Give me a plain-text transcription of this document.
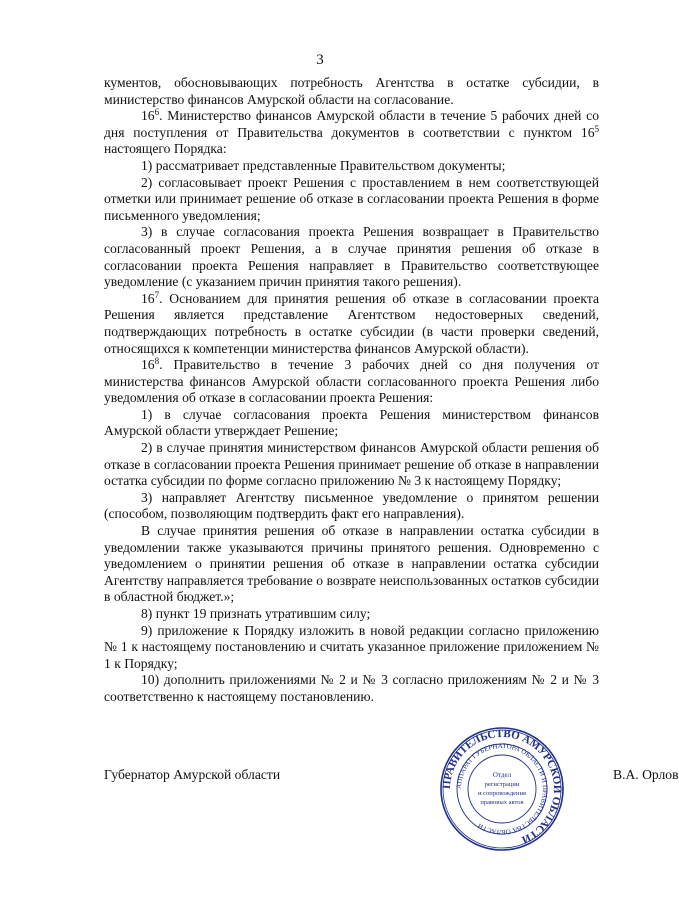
3

кументов, обосновывающих потребность Агентства в остатке субсидии, в министерство финансов Амурской области на согласование.

$16^6$. Министерство финансов Амурской области в течение 5 рабочих дней со дня поступления от Правительства документов в соответствии с пунктом $16^5$ настоящего Порядка:

1) рассматривает представленные Правительством документы;

2) согласовывает проект Решения с проставлением в нем соответствующей отметки или принимает решение об отказе в согласовании проекта Решения в форме письменного уведомления;

3) в случае согласования проекта Решения возвращает в Правительство согласованный проект Решения, а в случае принятия решения об отказе в согласовании проекта Решения направляет в Правительство соответствующее уведомление (с указанием причин принятия такого решения).

$16^7$. Основанием для принятия решения об отказе в согласовании проекта Решения является представление Агентством недостоверных сведений, подтверждающих потребность в остатке субсидии (в части проверки сведений, относящихся к компетенции министерства финансов Амурской области).

$16^8$. Правительство в течение 3 рабочих дней со дня получения от министерства финансов Амурской области согласованного проекта Решения либо уведомления об отказе в согласовании проекта Решения:

1) в случае согласования проекта Решения министерством финансов Амурской области утверждает Решение;

2) в случае принятия министерством финансов Амурской области решения об отказе в согласовании проекта Решения принимает решение об отказе в направлении остатка субсидии по форме согласно приложению № 3 к настоящему Порядку;

3) направляет Агентству письменное уведомление о принятом решении (способом, позволяющим подтвердить факт его направления).

В случае принятия решения об отказе в направлении остатка субсидии в уведомлении также указываются причины принятого решения. Одновременно с уведомлением о принятии решения об отказе в направлении остатка субсидии Агентству направляется требование о возврате неиспользованных остатков субсидии в областной бюджет.»;

8) пункт 19 признать утратившим силу;

9) приложение к Порядку изложить в новой редакции согласно приложению № 1 к настоящему постановлению и считать указанное приложение приложением № 1 к Порядку;

10) дополнить приложениями № 2 и № 3 согласно приложениям № 2 и № 3 соответственно к настоящему постановлению.

Губернатор Амурской области	В.А. Орлов
ПРАВИТЕЛЬСТВО АМУРСКОЙ ОБЛАСТИ
АППАРАТ ГУБЕРНАТОРА ОБЛАСТИ И ПРАВИТЕЛЬСТВА ОБЛАСТИ
Отдел
регистрации
и сопровождения
правовых актов
